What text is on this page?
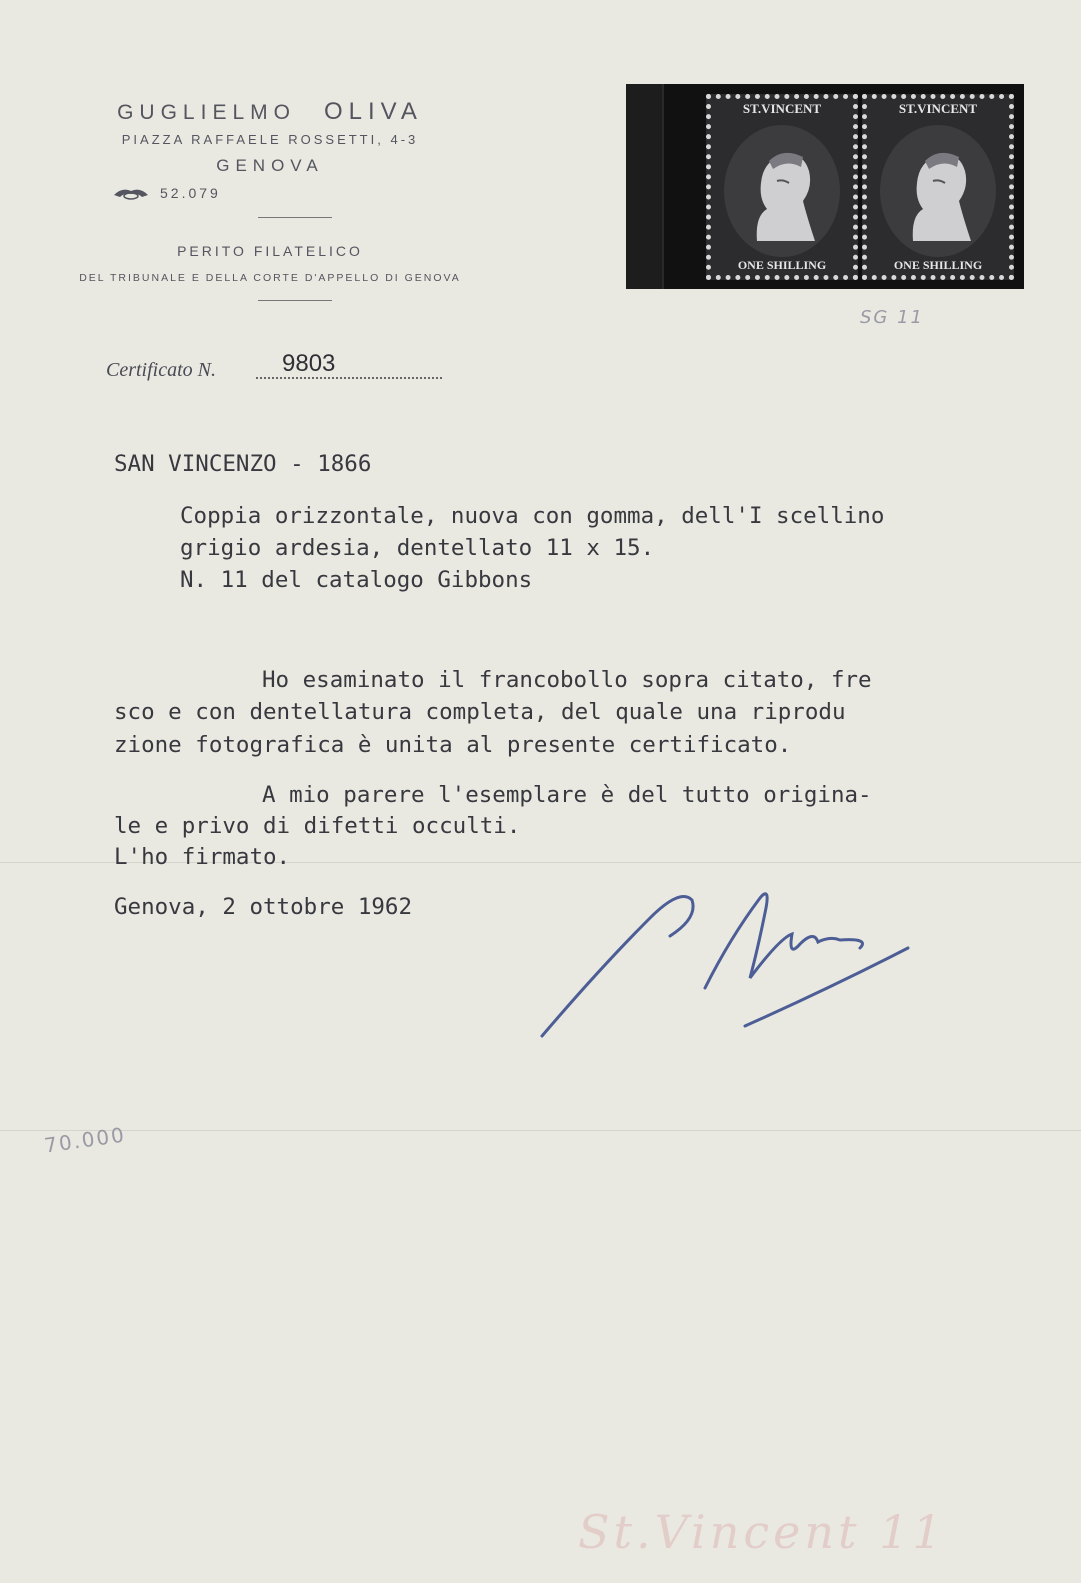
GUGLIELMO OLIVA
PIAZZA RAFFAELE ROSSETTI, 4-3
GENOVA
52.079
PERITO FILATELICO
DEL TRIBUNALE E DELLA CORTE D'APPELLO DI GENOVA
ST.VINCENT
ONE SHILLING
ST.VINCENT
ONE SHILLING
SG 11
Certificato N.	9803
SAN VINCENZO - 1866
Coppia orizzontale, nuova con gomma, dell'I scellino
grigio ardesia, dentellato 11 x 15.
N. 11 del catalogo Gibbons
Ho esaminato il francobollo sopra citato, fre
sco e con dentellatura completa, del quale una riprodu
zione fotografica è unita al presente certificato.
A mio parere l'esemplare è del tutto origina-
le e privo di difetti occulti.
L'ho firmato.
Genova, 2 ottobre 1962
70.000
St.Vincent 11
